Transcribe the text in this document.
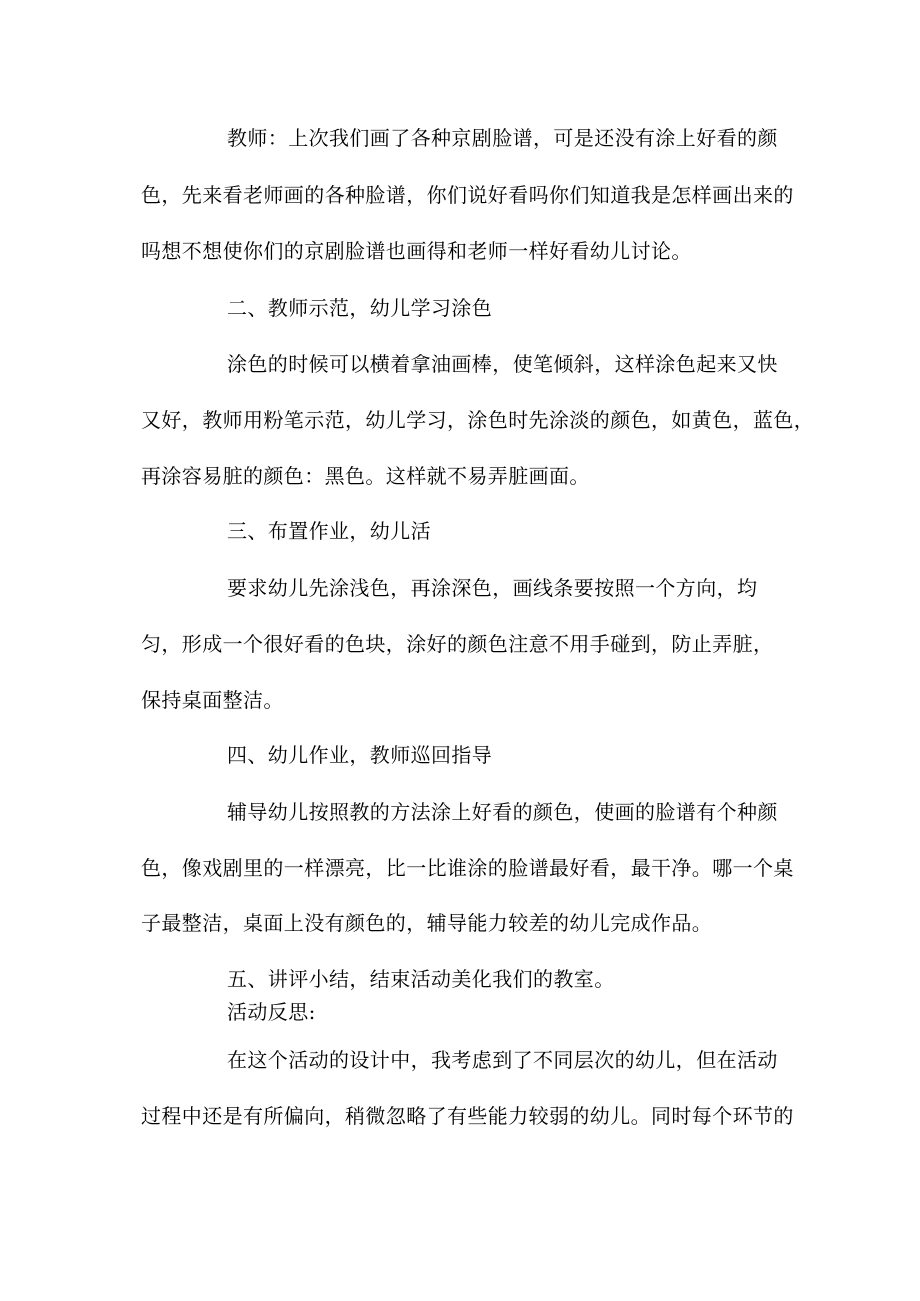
教师：上次我们画了各种京剧脸谱，可是还没有涂上好看的颜
色，先来看老师画的各种脸谱，你们说好看吗你们知道我是怎样画出来的
吗想不想使你们的京剧脸谱也画得和老师一样好看幼儿讨论。
二、教师示范，幼儿学习涂色
涂色的时候可以横着拿油画棒，使笔倾斜，这样涂色起来又快
又好，教师用粉笔示范，幼儿学习，涂色时先涂淡的颜色，如黄色，蓝色，
再涂容易脏的颜色：黑色。这样就不易弄脏画面。
三、布置作业，幼儿活
要求幼儿先涂浅色，再涂深色，画线条要按照一个方向，均
匀，形成一个很好看的色块，涂好的颜色注意不用手碰到，防止弄脏，
保持桌面整洁。
四、幼儿作业，教师巡回指导
辅导幼儿按照教的方法涂上好看的颜色，使画的脸谱有个种颜
色，像戏剧里的一样漂亮，比一比谁涂的脸谱最好看，最干净。哪一个桌
子最整洁，桌面上没有颜色的，辅导能力较差的幼儿完成作品。
五、讲评小结，结束活动美化我们的教室。
活动反思:
在这个活动的设计中，我考虑到了不同层次的幼儿，但在活动
过程中还是有所偏向，稍微忽略了有些能力较弱的幼儿。同时每个环节的
